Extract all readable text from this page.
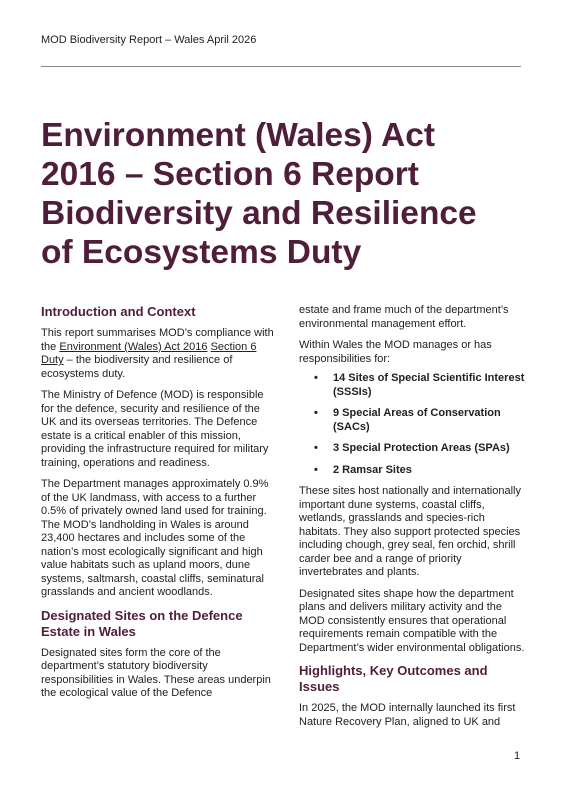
MOD Biodiversity Report – Wales April 2026
Environment (Wales) Act
2016 – Section 6 Report
Biodiversity and Resilience
of Ecosystems Duty
Introduction and Context

This report summarises MOD’s compliance with the Environment (Wales) Act 2016 Section 6 Duty – the biodiversity and resilience of ecosystems duty.

The Ministry of Defence (MOD) is responsible for the defence, security and resilience of the UK and its overseas territories. The Defence estate is a critical enabler of this mission, providing the infrastructure required for military training, operations and readiness.

The Department manages approximately 0.9% of the UK landmass, with access to a further 0.5% of privately owned land used for training. The MOD’s landholding in Wales is around 23,400 hectares and includes some of the nation’s most ecologically significant and high value habitats such as upland moors, dune systems, saltmarsh, coastal cliffs, seminatural grasslands and ancient woodlands.

Designated Sites on the Defence Estate in Wales

Designated sites form the core of the department’s statutory biodiversity responsibilities in Wales. These areas underpin the ecological value of the Defence

estate and frame much of the department’s environmental management effort.

Within Wales the MOD manages or has responsibilities for:

• 14 Sites of Special Scientific Interest (SSSIs)
• 9 Special Areas of Conservation (SACs)
• 3 Special Protection Areas (SPAs)
• 2 Ramsar Sites

These sites host nationally and internationally important dune systems, coastal cliffs, wetlands, grasslands and species-rich habitats. They also support protected species including chough, grey seal, fen orchid, shrill carder bee and a range of priority invertebrates and plants.

Designated sites shape how the department plans and delivers military activity and the MOD consistently ensures that operational requirements remain compatible with the Department’s wider environmental obligations.

Highlights, Key Outcomes and Issues

In 2025, the MOD internally launched its first Nature Recovery Plan, aligned to UK and

1
